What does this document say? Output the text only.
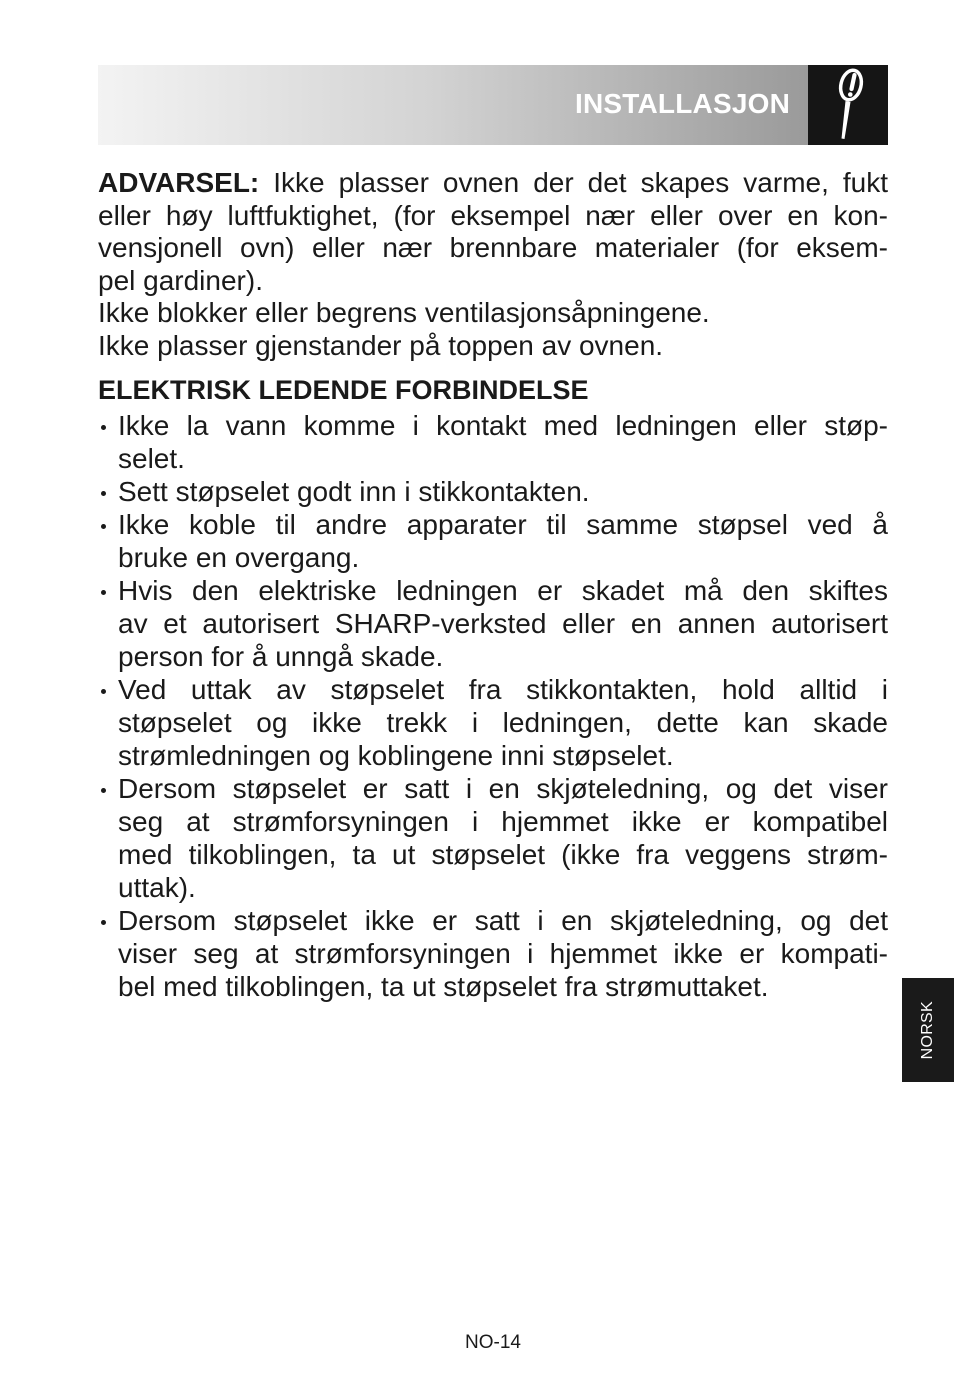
INSTALLASJON
ADVARSEL: Ikke plasser ovnen der det skapes varme, fukt
eller høy luftfuktighet, (for eksempel nær eller over en kon-
vensjonell ovn) eller nær brennbare materialer (for eksem-
pel gardiner).
Ikke blokker eller begrens ventilasjonsåpningene.
Ikke plasser gjenstander på toppen av ovnen.
ELEKTRISK LEDENDE FORBINDELSE
Ikke la vann komme i kontakt med ledningen eller støp-
selet.
Sett støpselet godt inn i stikkontakten.
Ikke koble til andre apparater til samme støpsel ved å
bruke en overgang.
Hvis den elektriske ledningen er skadet må den skiftes
av et autorisert SHARP-verksted eller en annen autorisert
person for å unngå skade.
Ved uttak av støpselet fra stikkontakten, hold alltid i
støpselet og ikke trekk i ledningen, dette kan skade
strømledningen og koblingene inni støpselet.
Dersom støpselet er satt i en skjøteledning, og det viser
seg at strømforsyningen i hjemmet ikke er kompatibel
med tilkoblingen, ta ut støpselet (ikke fra veggens strøm-
uttak).
Dersom støpselet ikke er satt i en skjøteledning, og det
viser seg at strømforsyningen i hjemmet ikke er kompati-
bel med tilkoblingen, ta ut støpselet fra strømuttaket.
NORSK
NO-14
